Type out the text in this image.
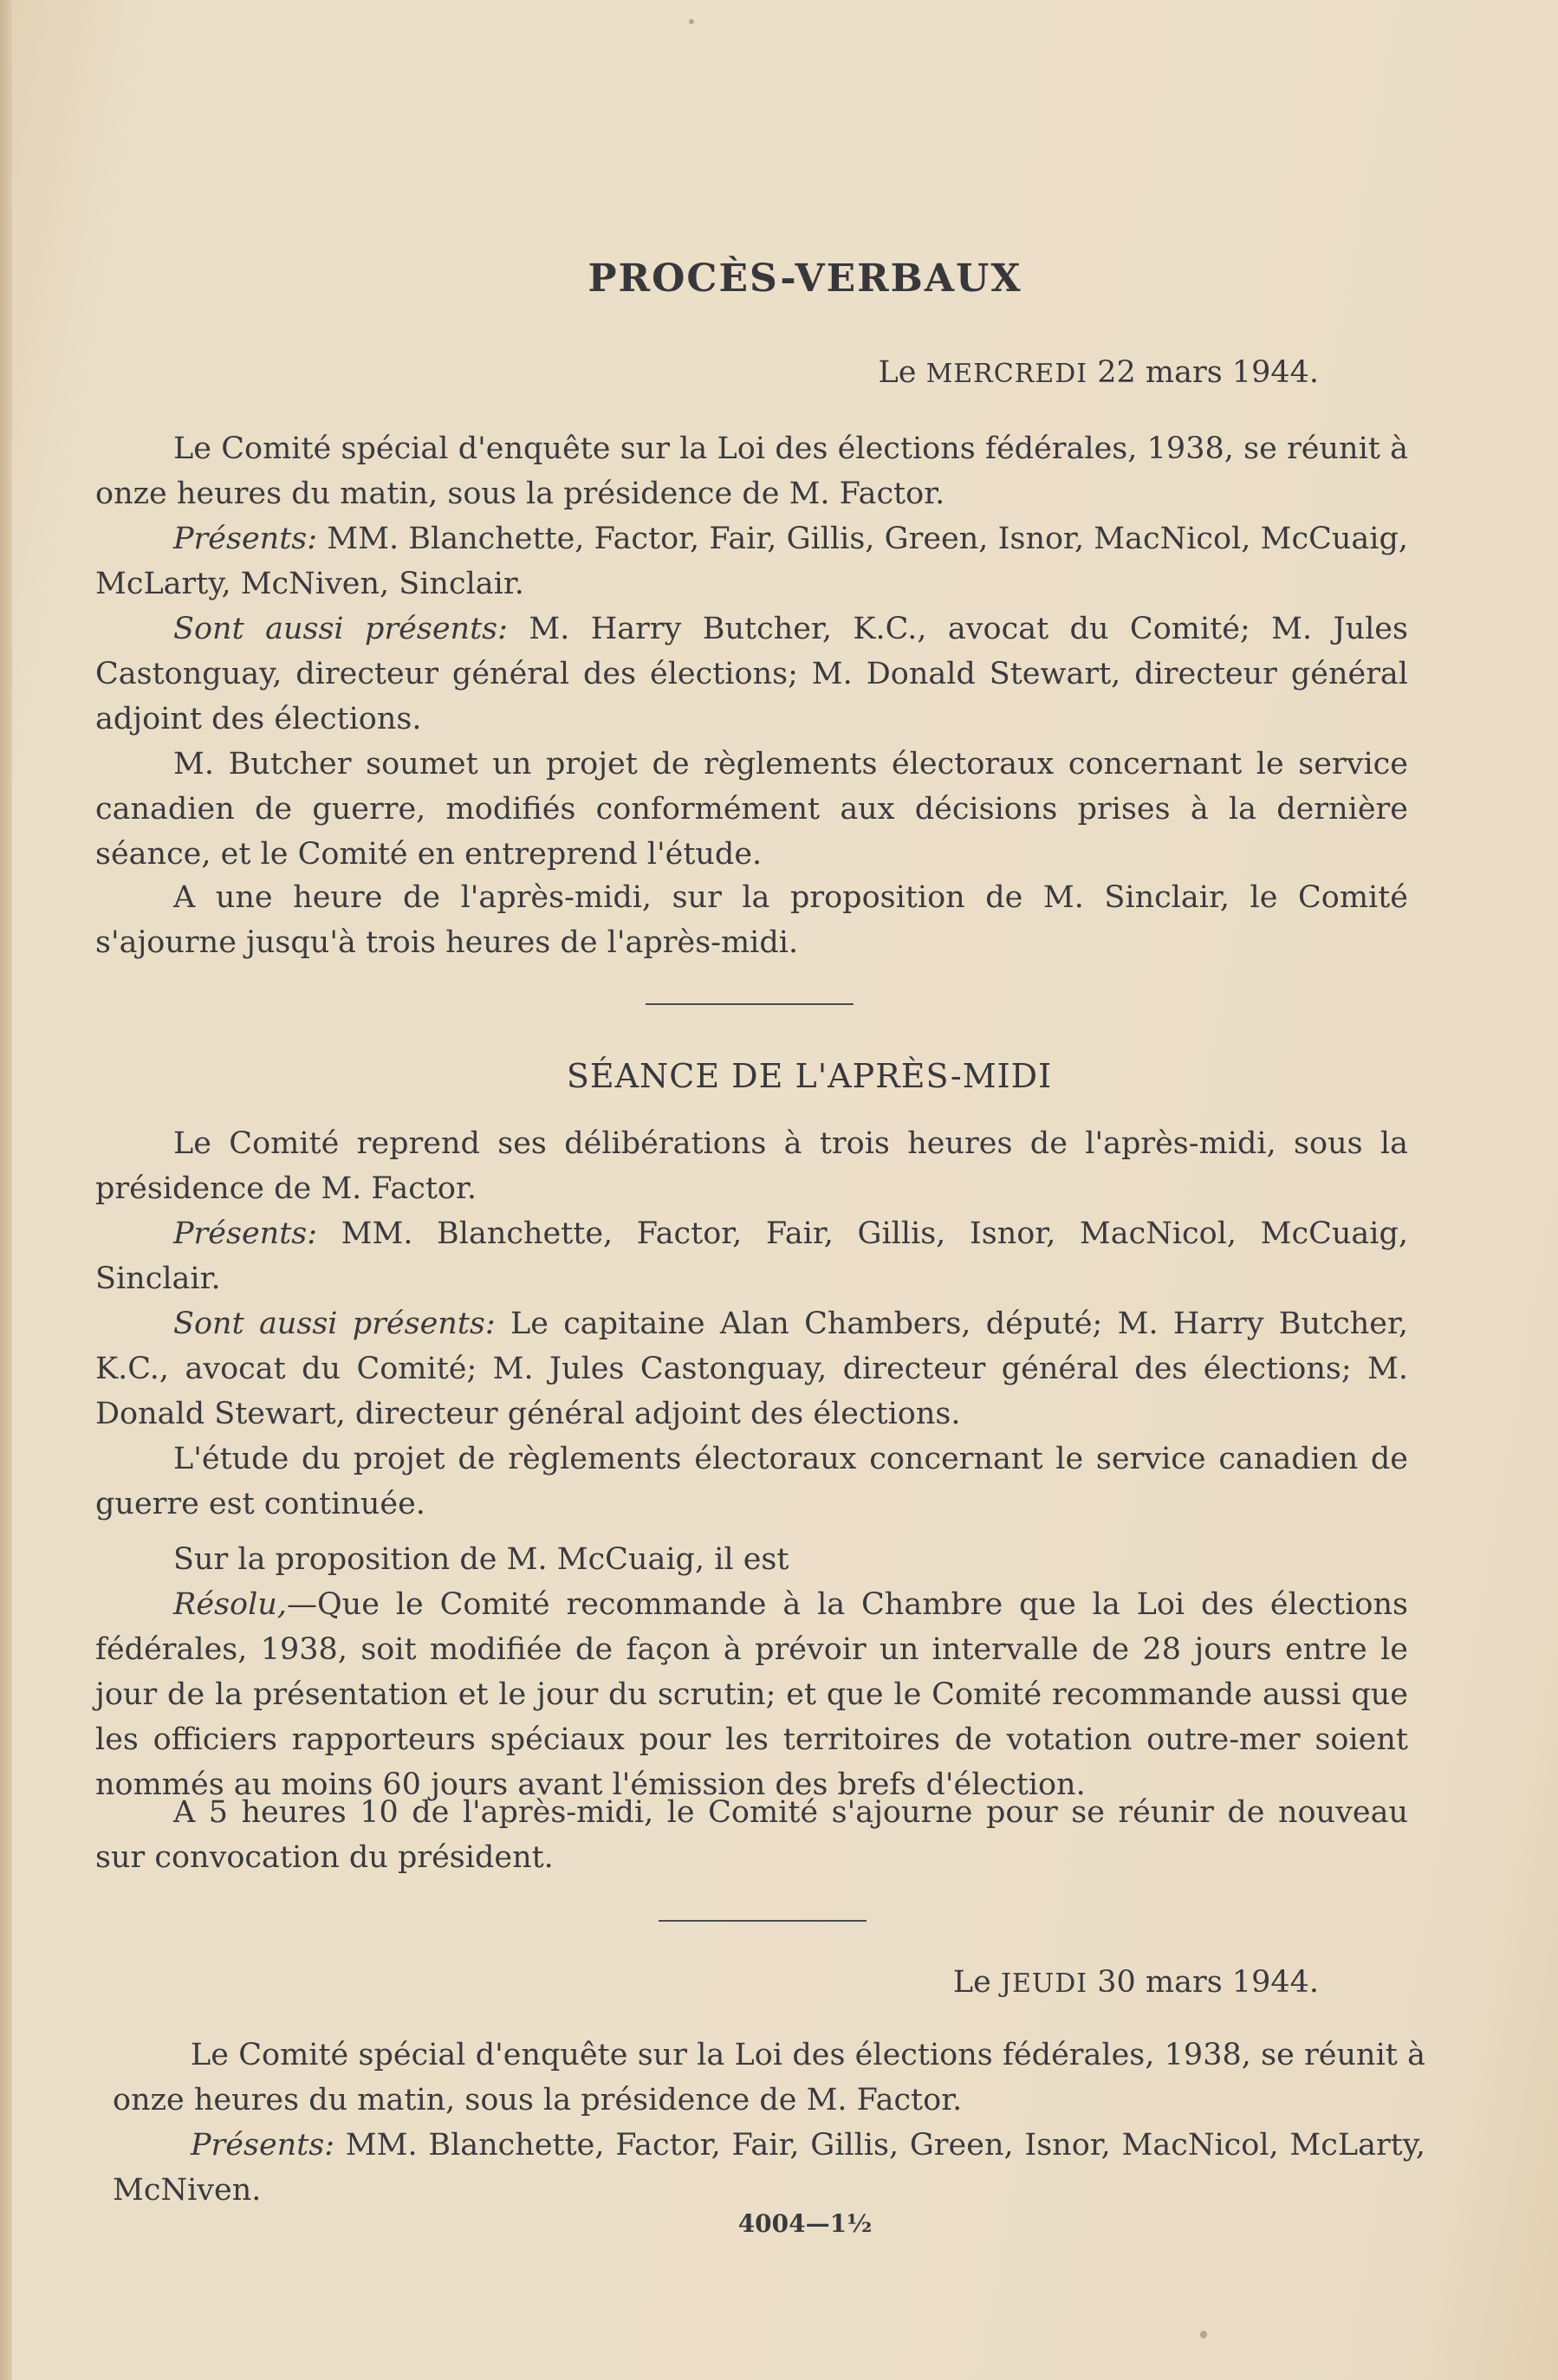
PROCÈS-VERBAUX
Le MERCREDI 22 mars 1944.
Le Comité spécial d'enquête sur la Loi des élections fédérales, 1938, se réunit à onze heures du matin, sous la présidence de M. Factor.
Présents: MM. Blanchette, Factor, Fair, Gillis, Green, Isnor, MacNicol, McCuaig, McLarty, McNiven, Sinclair.
Sont aussi présents: M. Harry Butcher, K.C., avocat du Comité; M. Jules Castonguay, directeur général des élections; M. Donald Stewart, directeur général adjoint des élections.
M. Butcher soumet un projet de règlements électoraux concernant le service canadien de guerre, modifiés conformément aux décisions prises à la dernière séance, et le Comité en entreprend l'étude.
A une heure de l'après-midi, sur la proposition de M. Sinclair, le Comité s'ajourne jusqu'à trois heures de l'après-midi.
SÉANCE DE L'APRÈS-MIDI
Le Comité reprend ses délibérations à trois heures de l'après-midi, sous la présidence de M. Factor.
Présents: MM. Blanchette, Factor, Fair, Gillis, Isnor, MacNicol, McCuaig, Sinclair.
Sont aussi présents: Le capitaine Alan Chambers, député; M. Harry Butcher, K.C., avocat du Comité; M. Jules Castonguay, directeur général des élections; M. Donald Stewart, directeur général adjoint des élections.
L'étude du projet de règlements électoraux concernant le service canadien de guerre est continuée.
Sur la proposition de M. McCuaig, il est
Résolu,—Que le Comité recommande à la Chambre que la Loi des élections fédérales, 1938, soit modifiée de façon à prévoir un intervalle de 28 jours entre le jour de la présentation et le jour du scrutin; et que le Comité recommande aussi que les officiers rapporteurs spéciaux pour les territoires de votation outre-mer soient nommés au moins 60 jours avant l'émission des brefs d'élection.
A 5 heures 10 de l'après-midi, le Comité s'ajourne pour se réunir de nouveau sur convocation du président.
Le JEUDI 30 mars 1944.
Le Comité spécial d'enquête sur la Loi des élections fédérales, 1938, se réunit à onze heures du matin, sous la présidence de M. Factor.
Présents: MM. Blanchette, Factor, Fair, Gillis, Green, Isnor, MacNicol, McLarty, McNiven.
4004—1½
